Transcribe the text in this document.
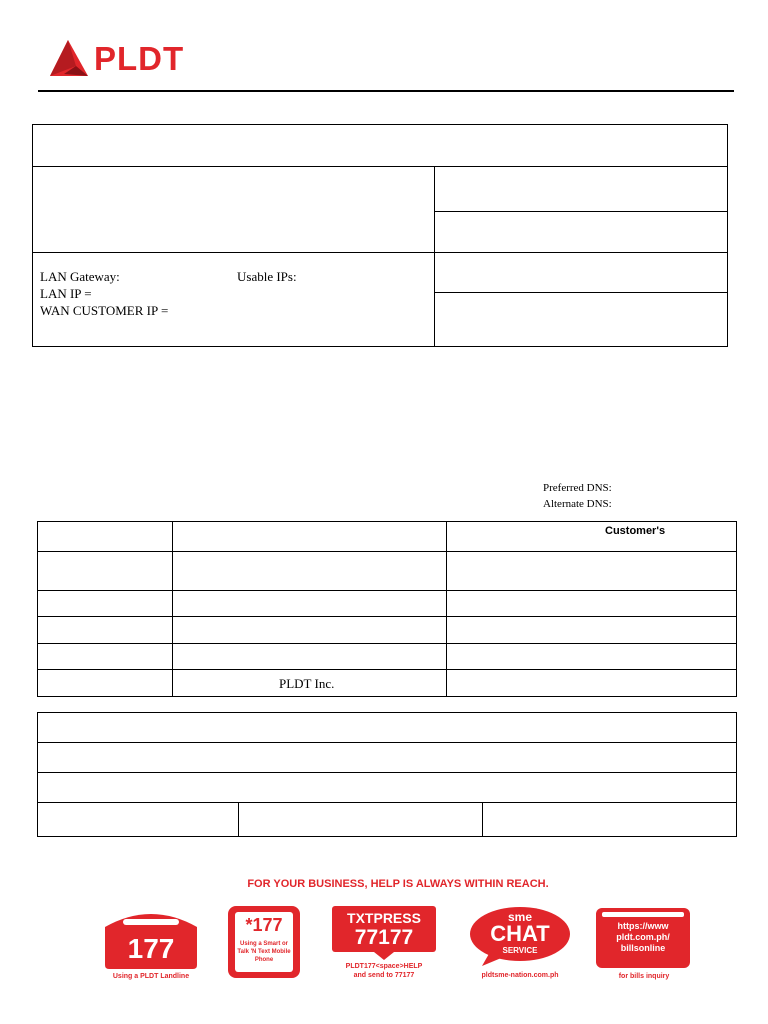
PLDT
LAN Gateway:	Usable IPs:
LAN IP =
WAN CUSTOMER IP =
Preferred DNS:
Alternate DNS:
Customer's
PLDT Inc.
FOR YOUR BUSINESS, HELP IS ALWAYS WITHIN REACH.
177
Using a PLDT Landline
*177
Using a Smart or Talk 'N Text Mobile Phone
TXTPRESS
77177
PLDT177<space>HELP
and send to 77177
sme
CHAT
SERVICE
pldtsme-nation.com.ph
https://www pldt.com.ph/ billsonline
for bills inquiry
